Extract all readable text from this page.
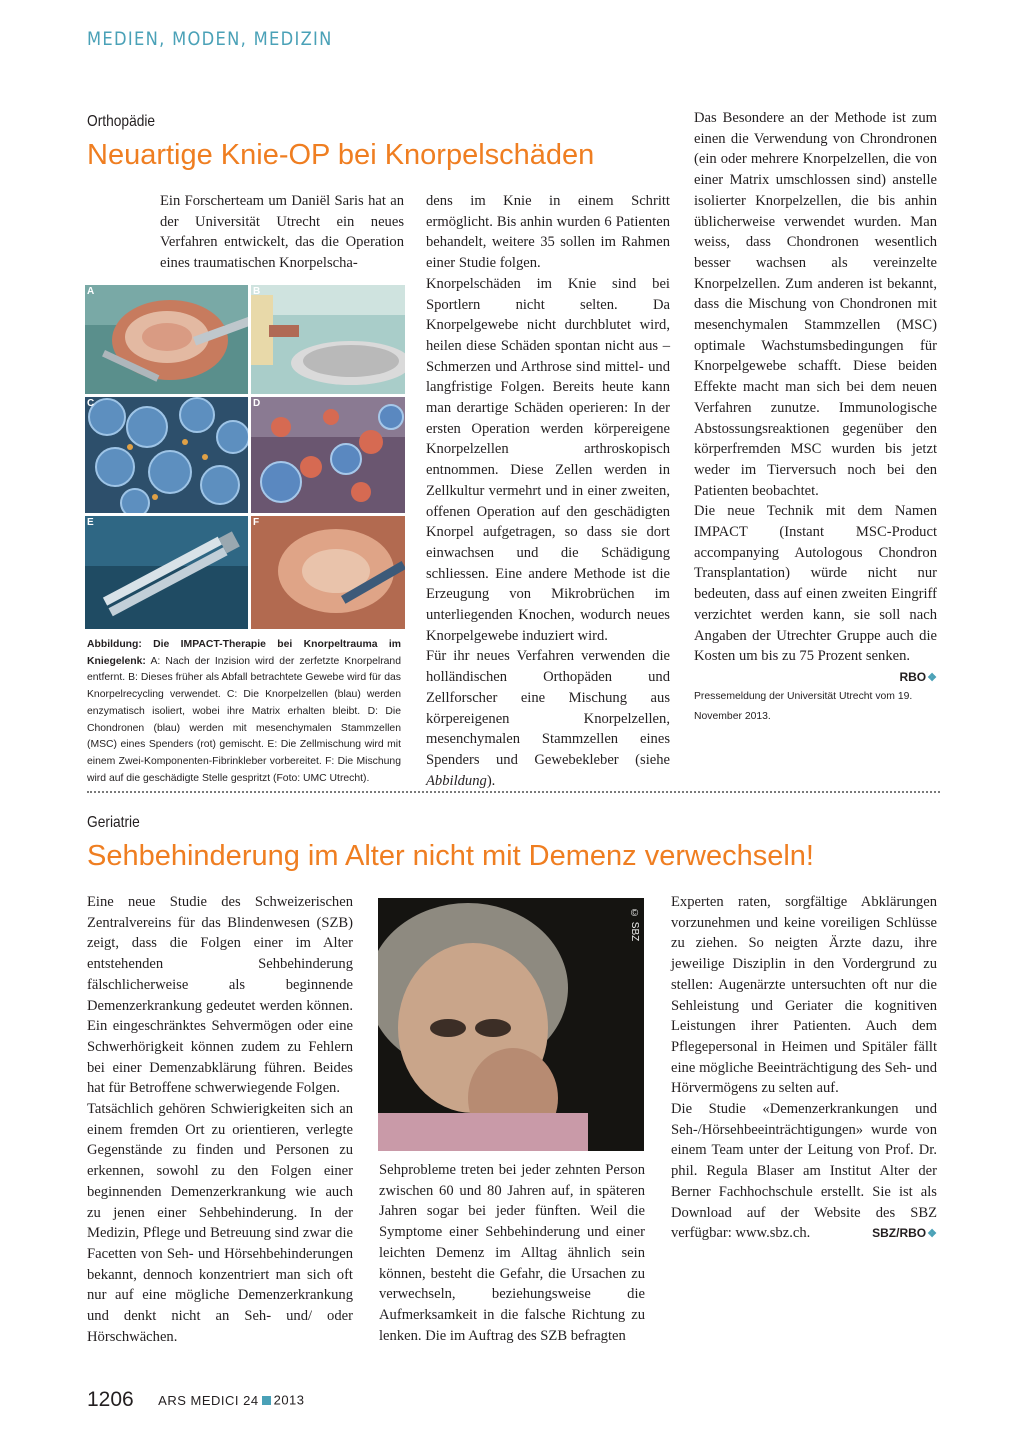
MEDIEN, MODEN, MEDIZIN
Orthopädie
Neuartige Knie-OP bei Knorpelschäden

Ein Forscherteam um Daniël Saris hat an der Universität Utrecht ein neues Verfahren entwickelt, das die Operation eines traumatischen Knorpelscha-

A	B
C	D
E	F
Abbildung: Die IMPACT-Therapie bei Knorpeltrauma im Kniegelenk: A: Nach der Inzision wird der zerfetzte Knorpelrand entfernt. B: Dieses früher als Abfall betrachtete Gewebe wird für das Knorpelrecycling verwendet. C: Die Knorpelzellen (blau) werden enzymatisch isoliert, wobei ihre Matrix erhalten bleibt. D: Die Chondronen (blau) werden mit mesenchymalen Stammzellen (MSC) eines Spenders (rot) gemischt. E: Die Zellmischung wird mit einem Zwei-Komponenten-Fibrinkleber vorbereitet. F: Die Mischung wird auf die geschädigte Stelle gespritzt (Foto: UMC Utrecht).

dens im Knie in einem Schritt ermöglicht. Bis anhin wurden 6 Patienten behandelt, weitere 35 sollen im Rahmen einer Studie folgen.

Knorpelschäden im Knie sind bei Sportlern nicht selten. Da Knorpelgewebe nicht durchblutet wird, heilen diese Schäden spontan nicht aus – Schmerzen und Arthrose sind mittel- und langfristige Folgen. Bereits heute kann man derartige Schäden operieren: In der ersten Operation werden körpereigene Knorpelzellen arthroskopisch entnommen. Diese Zellen werden in Zellkultur vermehrt und in einer zweiten, offenen Operation auf den geschädigten Knorpel aufgetragen, so dass sie dort einwachsen und die Schädigung schliessen. Eine andere Methode ist die Erzeugung von Mikrobrüchen im unterliegenden Knochen, wodurch neues Knorpelgewebe induziert wird.

Für ihr neues Verfahren verwenden die holländischen Orthopäden und Zellforscher eine Mischung aus körpereigenen Knorpelzellen, mesenchymalen Stammzellen eines Spenders und Gewebekleber (siehe Abbildung).

Das Besondere an der Methode ist zum einen die Verwendung von Chrondronen (ein oder mehrere Knorpelzellen, die von einer Matrix umschlossen sind) anstelle isolierter Knorpelzellen, die bis anhin üblicherweise verwendet wurden. Man weiss, dass Chondronen wesentlich besser wachsen als vereinzelte Knorpelzellen. Zum anderen ist bekannt, dass die Mischung von Chondronen mit mesenchymalen Stammzellen (MSC) optimale Wachstumsbedingungen für Knorpelgewebe schafft. Diese beiden Effekte macht man sich bei dem neuen Verfahren zunutze. Immunologische Abstossungsreaktionen gegenüber den körperfremden MSC wurden bis jetzt weder im Tierversuch noch bei den Patienten beobachtet.

Die neue Technik mit dem Namen IMPACT (Instant MSC-Product accompanying Autologous Chondron Transplantation) würde nicht nur bedeuten, dass auf einen zweiten Eingriff verzichtet werden kann, sie soll nach Angaben der Utrechter Gruppe auch die Kosten um bis zu 75 Prozent senken.
RBO❖

Pressemeldung der Universität Utrecht vom 19. November 2013.
Geriatrie
Sehbehinderung im Alter nicht mit Demenz verwechseln!

Eine neue Studie des Schweizerischen Zentralvereins für das Blindenwesen (SZB) zeigt, dass die Folgen einer im Alter entstehenden Sehbehinderung fälschlicherweise als beginnende Demenzerkrankung gedeutet werden können. Ein eingeschränktes Sehvermögen oder eine Schwerhörigkeit können zudem zu Fehlern bei einer Demenzabklärung führen. Beides hat für Betroffene schwerwiegende Folgen.

Tatsächlich gehören Schwierigkeiten sich an einem fremden Ort zu orientieren, verlegte Gegenstände zu finden und Personen zu erkennen, sowohl zu den Folgen einer beginnenden Demenzerkrankung wie auch zu jenen einer Sehbehinderung. In der Medizin, Pflege und Betreuung sind zwar die Facetten von Seh- und Hörsehbehinderungen bekannt, dennoch konzentriert man sich oft nur auf eine mögliche Demenzerkrankung und denkt nicht an Seh- und/ oder Hörschwächen.

© SBZ

Sehprobleme treten bei jeder zehnten Person zwischen 60 und 80 Jahren auf, in späteren Jahren sogar bei jeder fünften. Weil die Symptome einer Sehbehinderung und einer leichten Demenz im Alltag ähnlich sein können, besteht die Gefahr, die Ursachen zu verwechseln, beziehungsweise die Aufmerksamkeit in die falsche Richtung zu lenken. Die im Auftrag des SZB befragten

Experten raten, sorgfältige Abklärungen vorzunehmen und keine voreiligen Schlüsse zu ziehen. So neigten Ärzte dazu, ihre jeweilige Disziplin in den Vordergrund zu stellen: Augenärzte untersuchten oft nur die Sehleistung und Geriater die kognitiven Leistungen ihrer Patienten. Auch dem Pflegepersonal in Heimen und Spitäler fällt eine mögliche Beeinträchtigung des Seh- und Hörvermögens zu selten auf.

Die Studie «Demenzerkrankungen und Seh-/Hörsehbeeinträchtigungen» wurde von einem Team unter der Leitung von Prof. Dr. phil. Regula Blaser am Institut Alter der Berner Fachhochschule erstellt. Sie ist als Download auf der Website des SBZ verfügbar: www.sbz.ch.	SBZ/RBO❖

1206 ARS MEDICI 24 2013
